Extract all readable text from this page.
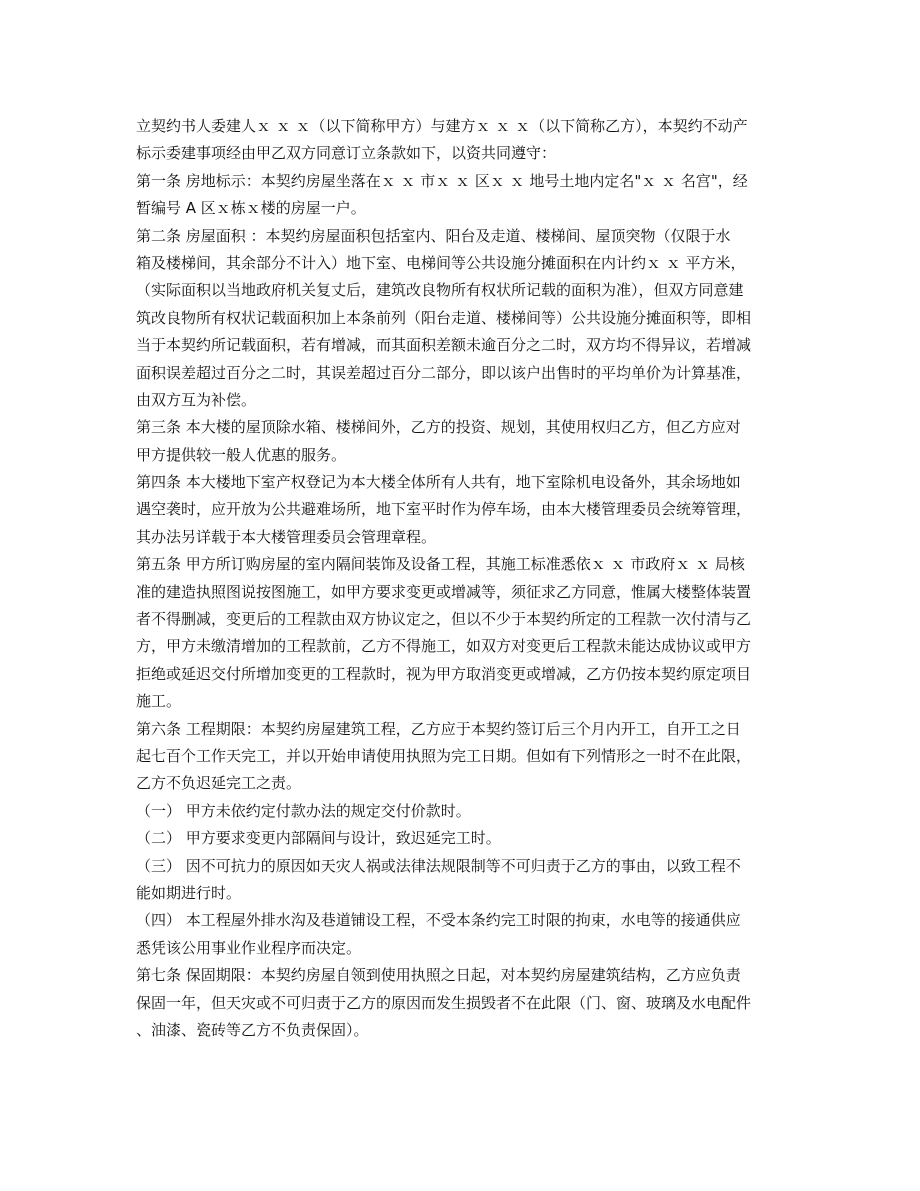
立契约书人委建人ｘ ｘ ｘ（以下简称甲方）与建方ｘ ｘ ｘ（以下简称乙方），本契约不动产
标示委建事项经由甲乙双方同意订立条款如下，以资共同遵守：
第一条 房地标示：本契约房屋坐落在ｘ ｘ 市ｘ ｘ 区ｘ ｘ 地号土地内定名"ｘ ｘ 名宫"，经
暂编号 A 区ｘ栋ｘ楼的房屋一户。
第二条 房屋面积 ：本契约房屋面积包括室内、阳台及走道、楼梯间、屋顶突物（仅限于水
箱及楼梯间，其余部分不计入）地下室、电梯间等公共设施分摊面积在内计约ｘ ｘ 平方米，
（实际面积以当地政府机关复丈后，建筑改良物所有权状所记载的面积为准），但双方同意建
筑改良物所有权状记载面积加上本条前列（阳台走道、楼梯间等）公共设施分摊面积等，即相
当于本契约所记载面积，若有增减，而其面积差额未逾百分之二时，双方均不得异议，若增减
面积误差超过百分之二时，其误差超过百分二部分，即以该户出售时的平均单价为计算基准，
由双方互为补偿。
第三条 本大楼的屋顶除水箱、楼梯间外，乙方的投资、规划，其使用权归乙方，但乙方应对
甲方提供较一般人优惠的服务。
第四条 本大楼地下室产权登记为本大楼全体所有人共有，地下室除机电设备外，其余场地如
遇空袭时，应开放为公共避难场所，地下室平时作为停车场，由本大楼管理委员会统筹管理，
其办法另详载于本大楼管理委员会管理章程。
第五条 甲方所订购房屋的室内隔间装饰及设备工程，其施工标准悉依ｘ ｘ 市政府ｘ ｘ 局核
准的建造执照图说按图施工，如甲方要求变更或增减等，须征求乙方同意，惟属大楼整体装置
者不得删减，变更后的工程款由双方协议定之，但以不少于本契约所定的工程款一次付清与乙
方，甲方未缴清增加的工程款前，乙方不得施工，如双方对变更后工程款未能达成协议或甲方
拒绝或延迟交付所增加变更的工程款时，视为甲方取消变更或增减，乙方仍按本契约原定项目
施工。
第六条 工程期限：本契约房屋建筑工程，乙方应于本契约签订后三个月内开工，自开工之日
起七百个工作天完工，并以开始申请使用执照为完工日期。但如有下列情形之一时不在此限，
乙方不负迟延完工之责。
（一） 甲方未依约定付款办法的规定交付价款时。
（二） 甲方要求变更内部隔间与设计，致迟延完工时。
（三） 因不可抗力的原因如天灾人祸或法律法规限制等不可归责于乙方的事由，以致工程不
能如期进行时。
（四） 本工程屋外排水沟及巷道铺设工程，不受本条约完工时限的拘束，水电等的接通供应
悉凭该公用事业作业程序而决定。
第七条 保固期限：本契约房屋自领到使用执照之日起，对本契约房屋建筑结构，乙方应负责
保固一年，但天灾或不可归责于乙方的原因而发生损毁者不在此限（门、窗、玻璃及水电配件
、油漆、瓷砖等乙方不负责保固）。
